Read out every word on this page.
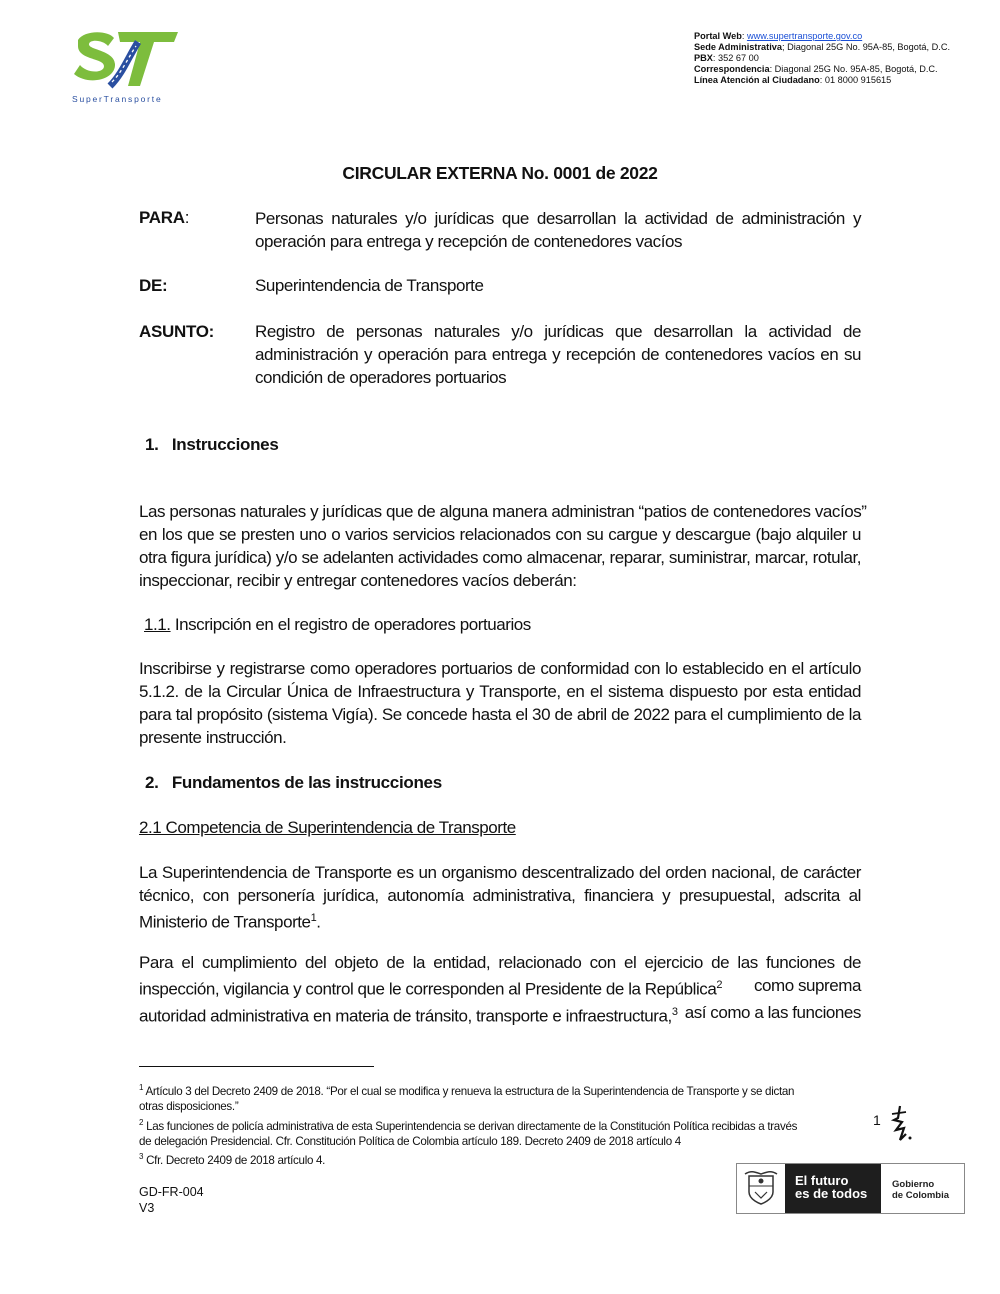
SuperTransporte
Portal Web: www.supertransporte.gov.co
Sede Administrativa; Diagonal 25G No. 95A-85, Bogotá, D.C.
PBX: 352 67 00
Correspondencia: Diagonal 25G No. 95A-85, Bogotá, D.C.
Línea Atención al Ciudadano: 01 8000 915615
CIRCULAR EXTERNA No. 0001 de 2022
PARA:	Personas naturales y/o jurídicas que desarrollan la actividad de administración y
operación para entrega y recepción de contenedores vacíos
DE:	Superintendencia de Transporte
ASUNTO: Registro de personas naturales y/o jurídicas que desarrollan la actividad de
administración y operación para entrega y recepción de contenedores vacíos en su
condición de operadores portuarios
1.   Instrucciones
Las personas naturales y jurídicas que de alguna manera administran “patios de contenedores vacíos”
en los que se presten uno o varios servicios relacionados con su cargue y descargue (bajo alquiler u
otra figura jurídica) y/o se adelanten actividades como almacenar, reparar, suministrar, marcar, rotular,
inspeccionar, recibir y entregar contenedores vacíos deberán:
1.1. Inscripción en el registro de operadores portuarios
Inscribirse y registrarse como operadores portuarios de conformidad con lo establecido en el artículo
5.1.2. de la Circular Única de Infraestructura y Transporte, en el sistema dispuesto por esta entidad
para tal propósito (sistema Vigía). Se concede hasta el 30 de abril de 2022 para el cumplimiento de la
presente instrucción.
2.   Fundamentos de las instrucciones
2.1 Competencia de Superintendencia de Transporte
La Superintendencia de Transporte es un organismo descentralizado del orden nacional, de carácter
técnico, con personería jurídica, autonomía administrativa, financiera y presupuestal, adscrita al
Ministerio de Transporte$^1$.
Para el cumplimiento del objeto de la entidad, relacionado con el ejercicio de las funciones de
inspección, vigilancia y control que le corresponden al Presidente de la República$^2$ como suprema
autoridad administrativa en materia de tránsito, transporte e infraestructura,$^3$ así como a las funciones
$^1$ Artículo 3 del Decreto 2409 de 2018. “Por el cual se modifica y renueva la estructura de la Superintendencia de Transporte y se dictan
otras disposiciones.”
$^2$ Las funciones de policía administrativa de esta Superintendencia se derivan directamente de la Constitución Política recibidas a través
de delegación Presidencial. Cfr. Constitución Política de Colombia artículo 189. Decreto 2409 de 2018 artículo 4
$^3$ Cfr. Decreto 2409 de 2018 artículo 4.
1
GD-FR-004
V3
El futuro
es de todos
Gobierno
de Colombia
